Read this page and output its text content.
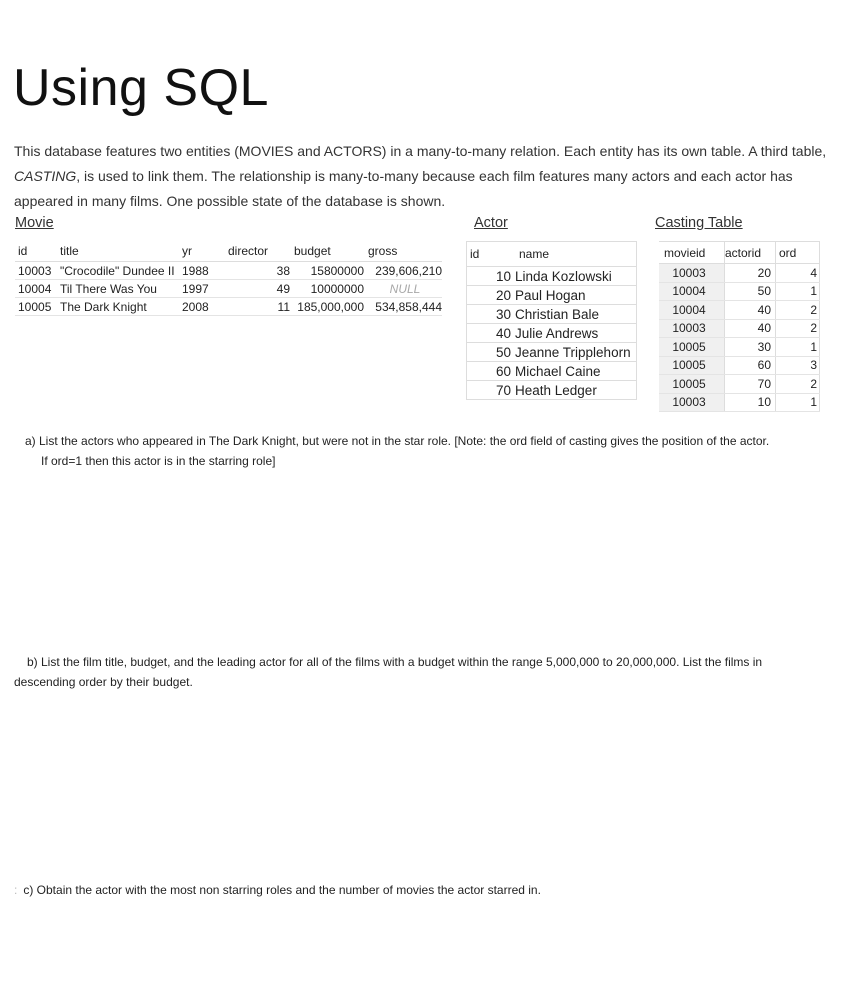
Using SQL

This database features two entities (MOVIES and ACTORS) in a many-to-many relation. Each entity has its own table. A third table, CASTING, is used to link them. The relationship is many-to-many because each film features many actors and each actor has appeared in many films. One possible state of the database is shown.

Movie	Actor	Casting Table
id	title	yr	director	budget	gross
10003	"Crocodile" Dundee II	1988	38	15800000	239,606,210
10004	Til There Was You	1997	49	10000000	NULL
10005	The Dark Knight	2008	11	185,000,000	534,858,444
id	name
10	Linda Kozlowski
20	Paul Hogan
30	Christian Bale
40	Julie Andrews
50	Jeanne Tripplehorn
60	Michael Caine
70	Heath Ledger
movieid	actorid	ord
10003	20	4
10004	50	1
10004	40	2
10003	40	2
10005	30	1
10005	60	3
10005	70	2
10003	10	1

a) List the actors who appeared in The Dark Knight, but were not in the star role. [Note: the ord field of casting gives the position of the actor.
If ord=1 then this actor is in the starring role]

b) List the film title, budget, and the leading actor for all of the films with a budget within the range 5,000,000 to 20,000,000. List the films in
descending order by their budget.

: c) Obtain the actor with the most non starring roles and the number of movies the actor starred in.
